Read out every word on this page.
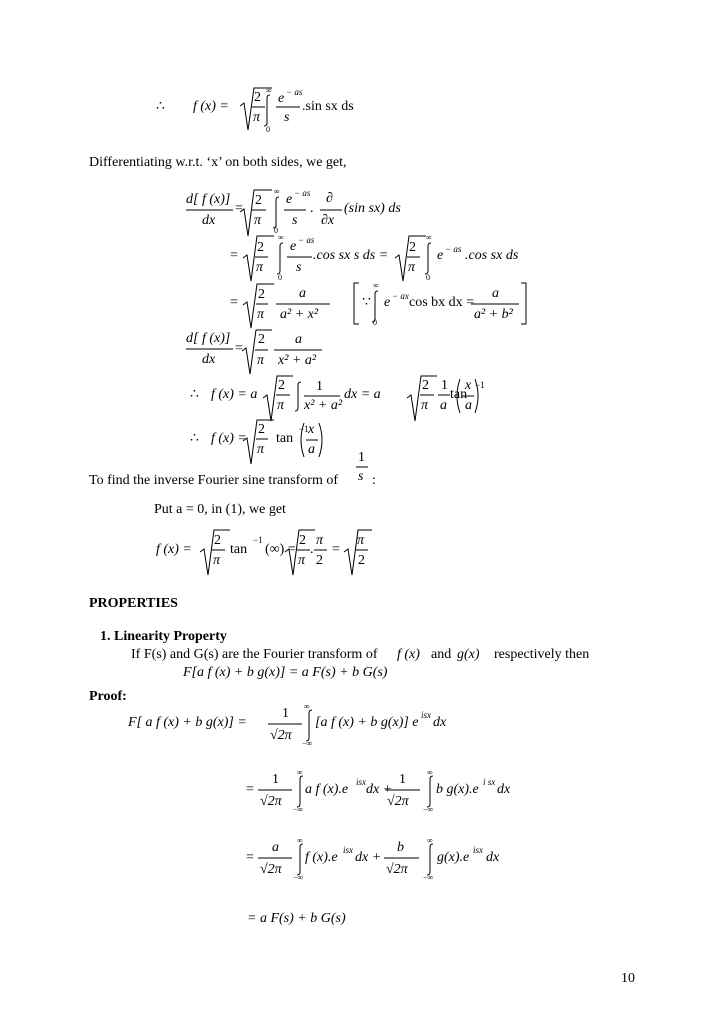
∴ f (x) =
2
π
∞
0
e − as
s
.sin sx ds
Differentiating w.r.t. ‘x’ on both sides, we get,
d[ f (x)]
dx
=
2
π
∞
0
e − as
s
.
∂
∂x
(sin sx) ds
=
2
π
∞
0
e − as
s
.cos sx s ds =
2
π
∞
0
e − as .cos sx ds
=
2
π
a
a² + x²
∵
∞
0
e − ax cos bx dx =
a
a² + b²
d[ f (x)]
dx
=
2
π
a
x² + a²
∴ f (x) = a
2
π
1
x² + a²
dx = a
2
π
1
a
tan
−1
x
a
∴ f (x) =
2
π
tan
−1 x
a
To find the inverse Fourier sine transform of
1
s :
Put a = 0, in (1), we get
f (x) =
2
π
tan
−1
(∞) =
2
π
.
π
2
=
π
2
PROPERTIES
1. Linearity Property
If F(s) and G(s) are the Fourier transform of f (x) and g(x) respectively then
F[a f (x) + b g(x)] = a F(s) + b G(s)
Proof:
F[ a f (x) + b g(x)] =
1
√2π
∞
−∞
[a f (x) + b g(x)] e isx dx
=
1
√2π
∞
−∞
a f (x).e isx dx +
1
√2π
∞
−∞
b g(x).e i sx dx
=
a
√2π
∞
−∞
f (x).e isx dx +
b
√2π
∞
−∞
g(x).e isx dx
= a F(s) + b G(s)
10
